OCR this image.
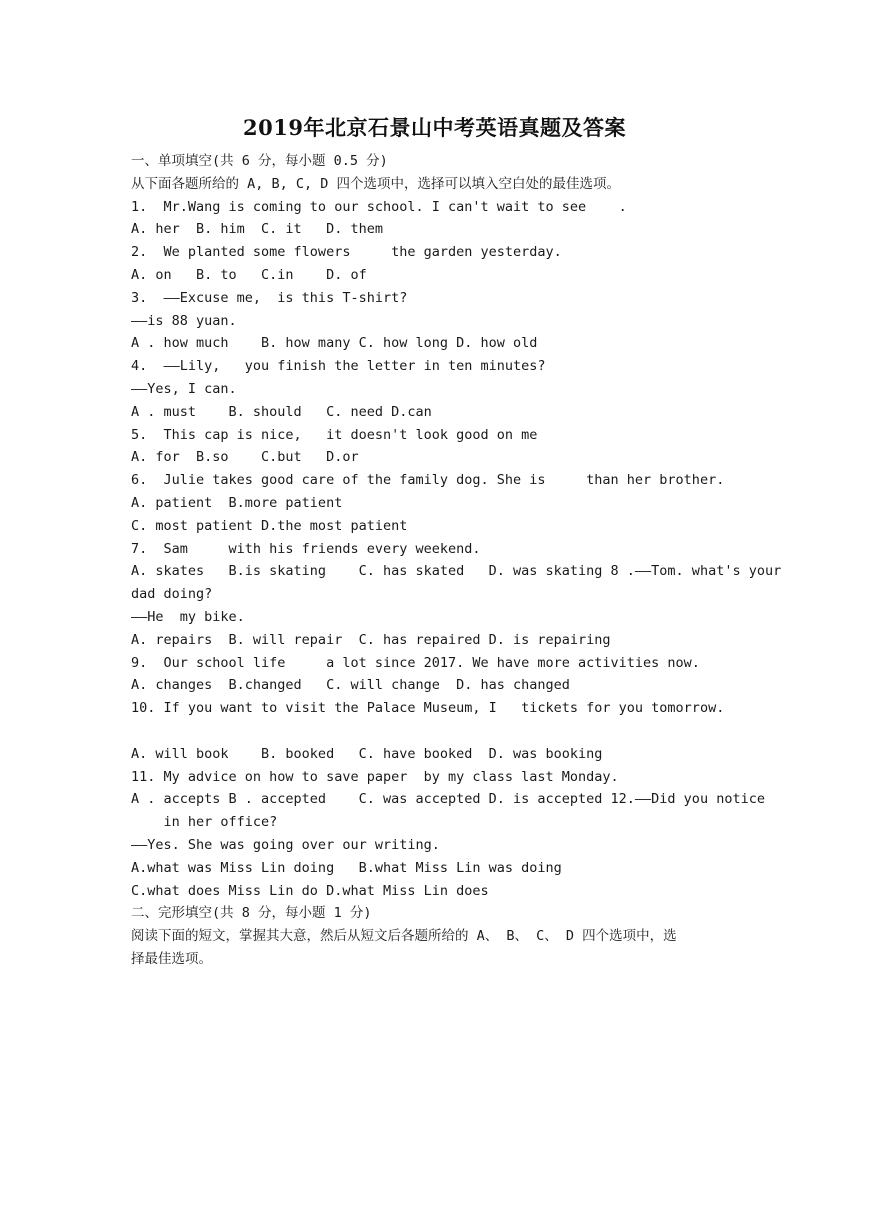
2019年北京石景山中考英语真题及答案
一、单项填空(共 6 分，每小题 0.5 分)
从下面各题所给的 A, B, C, D 四个选项中，选择可以填入空白处的最佳选项。
1.  Mr.Wang is coming to our school. I can't wait to see    .
A. her  B. him  C. it   D. them
2.  We planted some flowers     the garden yesterday.
A. on   B. to   C.in    D. of
3.  ——Excuse me,  is this T-shirt?
——is 88 yuan.
A . how much    B. how many C. how long D. how old
4.  ——Lily,   you finish the letter in ten minutes?
——Yes, I can.
A . must    B. should   C. need D.can
5.  This cap is nice,   it doesn't look good on me
A. for  B.so    C.but   D.or
6.  Julie takes good care of the family dog. She is     than her brother.
A. patient  B.more patient
C. most patient D.the most patient
7.  Sam     with his friends every weekend.
A. skates   B.is skating    C. has skated   D. was skating 8 .——Tom. what's your
dad doing?
——He  my bike.
A. repairs  B. will repair  C. has repaired D. is repairing
9.  Our school life     a lot since 2017. We have more activities now.
A. changes  B.changed   C. will change  D. has changed
10. If you want to visit the Palace Museum, I   tickets for you tomorrow.
A. will book    B. booked   C. have booked  D. was booking
11. My advice on how to save paper  by my class last Monday.
A . accepts B . accepted    C. was accepted D. is accepted 12.——Did you notice
in her office?
——Yes. She was going over our writing.
A.what was Miss Lin doing   B.what Miss Lin was doing
C.what does Miss Lin do D.what Miss Lin does
二、完形填空(共 8 分，每小题 1 分)
阅读下面的短文，掌握其大意，然后从短文后各题所给的 A、 B、 C、 D 四个选项中，选
择最佳选项。
